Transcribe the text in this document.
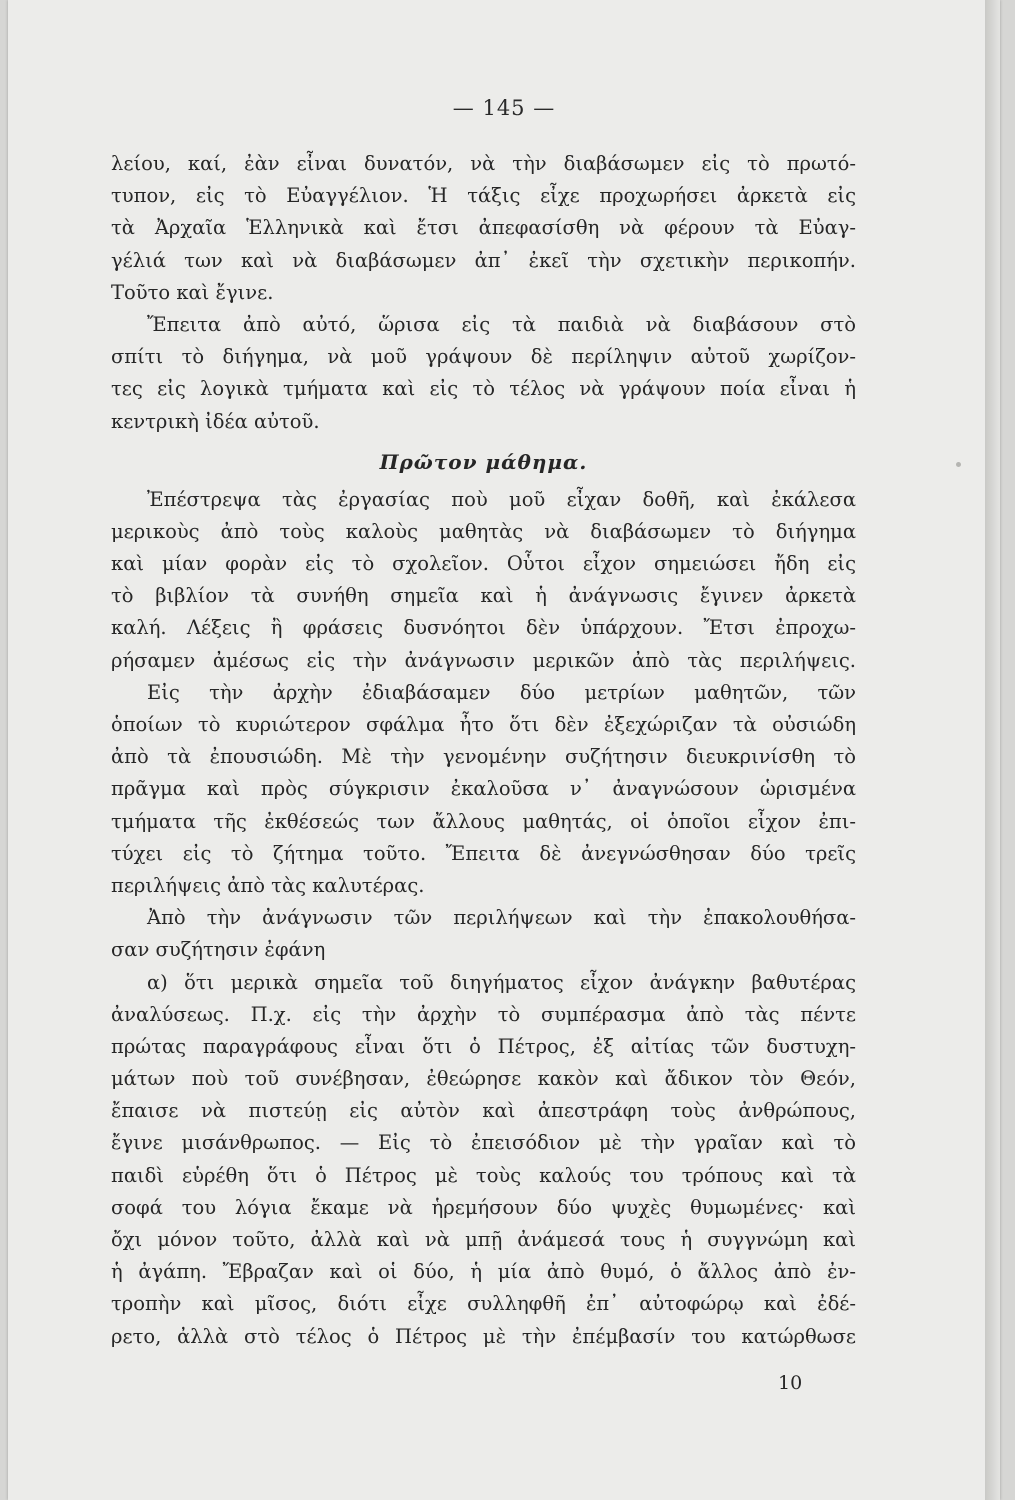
— 145 —
λείου, καί, ἐὰν εἶναι δυνατόν, νὰ τὴν διαβάσωμεν εἰς τὸ πρωτό-
τυπον, εἰς τὸ Εὐαγγέλιον. Ἡ τάξις εἶχε προχωρήσει ἀρκετὰ εἰς
τὰ Ἀρχαῖα Ἑλληνικὰ καὶ ἔτσι ἀπεφασίσθη νὰ φέρουν τὰ Εὐαγ-
γέλιά των καὶ νὰ διαβάσωμεν ἀπ᾿ ἐκεῖ τὴν σχετικὴν περικοπήν.
Τοῦτο καὶ ἔγινε.
Ἔπειτα ἀπὸ αὐτό, ὥρισα εἰς τὰ παιδιὰ νὰ διαβάσουν στὸ
σπίτι τὸ διήγημα, νὰ μοῦ γράψουν δὲ περίληψιν αὐτοῦ χωρίζον-
τες εἰς λογικὰ τμήματα καὶ εἰς τὸ τέλος νὰ γράψουν ποία εἶναι ἡ
κεντρικὴ ἰδέα αὐτοῦ.
Πρῶτον μάθημα.
Ἐπέστρεψα τὰς ἐργασίας ποὺ μοῦ εἶχαν δοθῆ, καὶ ἐκάλεσα
μερικοὺς ἀπὸ τοὺς καλοὺς μαθητὰς νὰ διαβάσωμεν τὸ διήγημα
καὶ μίαν φορὰν εἰς τὸ σχολεῖον. Οὗτοι εἶχον σημειώσει ἤδη εἰς
τὸ βιβλίον τὰ συνήθη σημεῖα καὶ ἡ ἀνάγνωσις ἔγινεν ἀρκετὰ
καλή. Λέξεις ἢ φράσεις δυσνόητοι δὲν ὑπάρχουν. Ἔτσι ἐπροχω-
ρήσαμεν ἀμέσως εἰς τὴν ἀνάγνωσιν μερικῶν ἀπὸ τὰς περιλήψεις.
Εἰς τὴν ἀρχὴν ἐδιαβάσαμεν δύο μετρίων μαθητῶν, τῶν
ὁποίων τὸ κυριώτερον σφάλμα ἦτο ὅτι δὲν ἐξεχώριζαν τὰ οὐσιώδη
ἀπὸ τὰ ἐπουσιώδη. Μὲ τὴν γενομένην συζήτησιν διευκρινίσθη τὸ
πρᾶγμα καὶ πρὸς σύγκρισιν ἐκαλοῦσα ν᾿ ἀναγνώσουν ὡρισμένα
τμήματα τῆς ἐκθέσεώς των ἄλλους μαθητάς, οἱ ὁποῖοι εἶχον ἐπι-
τύχει εἰς τὸ ζήτημα τοῦτο. Ἔπειτα δὲ ἀνεγνώσθησαν δύο τρεῖς
περιλήψεις ἀπὸ τὰς καλυτέρας.
Ἀπὸ τὴν ἀνάγνωσιν τῶν περιλήψεων καὶ τὴν ἐπακολουθήσα-
σαν συζήτησιν ἐφάνη
α) ὅτι μερικὰ σημεῖα τοῦ διηγήματος εἶχον ἀνάγκην βαθυτέρας
ἀναλύσεως. Π.χ. εἰς τὴν ἀρχὴν τὸ συμπέρασμα ἀπὸ τὰς πέντε
πρώτας παραγράφους εἶναι ὅτι ὁ Πέτρος, ἐξ αἰτίας τῶν δυστυχη-
μάτων ποὺ τοῦ συνέβησαν, ἐθεώρησε κακὸν καὶ ἄδικον τὸν Θεόν,
ἔπαισε νὰ πιστεύῃ εἰς αὐτὸν καὶ ἀπεστράφη τοὺς ἀνθρώπους,
ἔγινε μισάνθρωπος. — Εἰς τὸ ἐπεισόδιον μὲ τὴν γραῖαν καὶ τὸ
παιδὶ εὑρέθη ὅτι ὁ Πέτρος μὲ τοὺς καλούς του τρόπους καὶ τὰ
σοφά του λόγια ἔκαμε νὰ ἡρεμήσουν δύο ψυχὲς θυμωμένες· καὶ
ὄχι μόνον τοῦτο, ἀλλὰ καὶ νὰ μπῇ ἀνάμεσά τους ἡ συγγνώμη καὶ
ἡ ἀγάπη. Ἔβραζαν καὶ οἱ δύο, ἡ μία ἀπὸ θυμό, ὁ ἄλλος ἀπὸ ἐν-
τροπὴν καὶ μῖσος, διότι εἶχε συλληφθῆ ἐπ᾿ αὐτοφώρῳ καὶ ἐδέ-
ρετο, ἀλλὰ στὸ τέλος ὁ Πέτρος μὲ τὴν ἐπέμβασίν του κατώρθωσε
10
